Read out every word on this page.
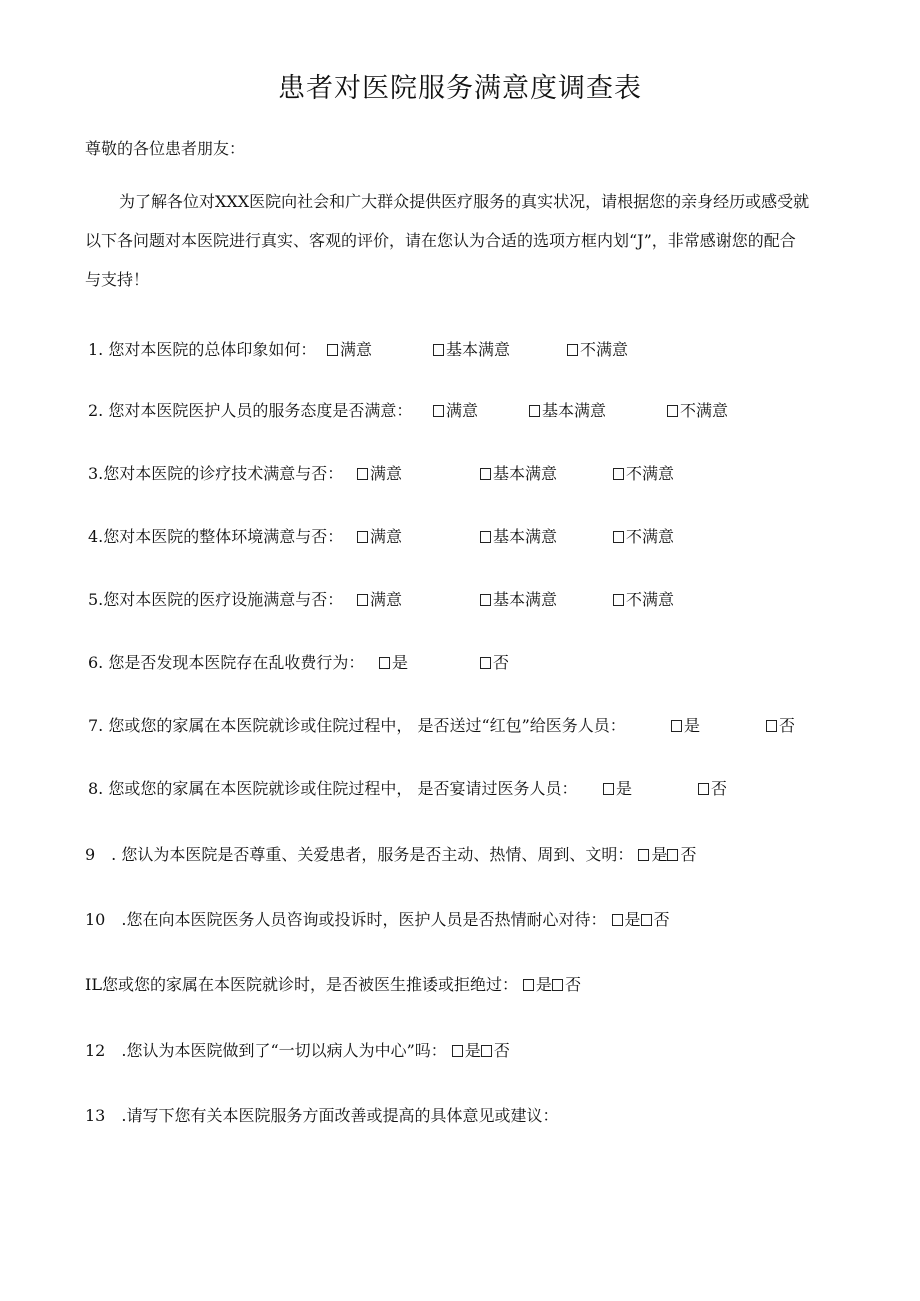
患者对医院服务满意度调查表
尊敬的各位患者朋友：
为了解各位对XXX医院向社会和广大群众提供医疗服务的真实状况，请根据您的亲身经历或感受就
以下各问题对本医院进行真实、客观的评价，请在您认为合适的选项方框内划“J”，非常感谢您的配合
与支持！
1. 您对本医院的总体印象如何：	满意	基本满意	不满意
2. 您对本医院医护人员的服务态度是否满意：	满意	基本满意	不满意
3.您对本医院的诊疗技术满意与否：	满意	基本满意	不满意
4.您对本医院的整体环境满意与否：	满意	基本满意	不满意
5.您对本医院的医疗设施满意与否：	满意	基本满意	不满意
6. 您是否发现本医院存在乱收费行为：	是	否
7. 您或您的家属在本医院就诊或住院过程中， 是否送过“红包”给医务人员：	是	否
8. 您或您的家属在本医院就诊或住院过程中， 是否宴请过医务人员：	是	否
9　. 您认为本医院是否尊重、关爱患者，服务是否主动、热情、周到、文明： 是 否
10　.您在向本医院医务人员咨询或投诉时，医护人员是否热情耐心对待： 是 否
IL您或您的家属在本医院就诊时，是否被医生推诿或拒绝过： 是 否
12　.您认为本医院做到了“一切以病人为中心”吗： 是 否
13　.请写下您有关本医院服务方面改善或提高的具体意见或建议：
